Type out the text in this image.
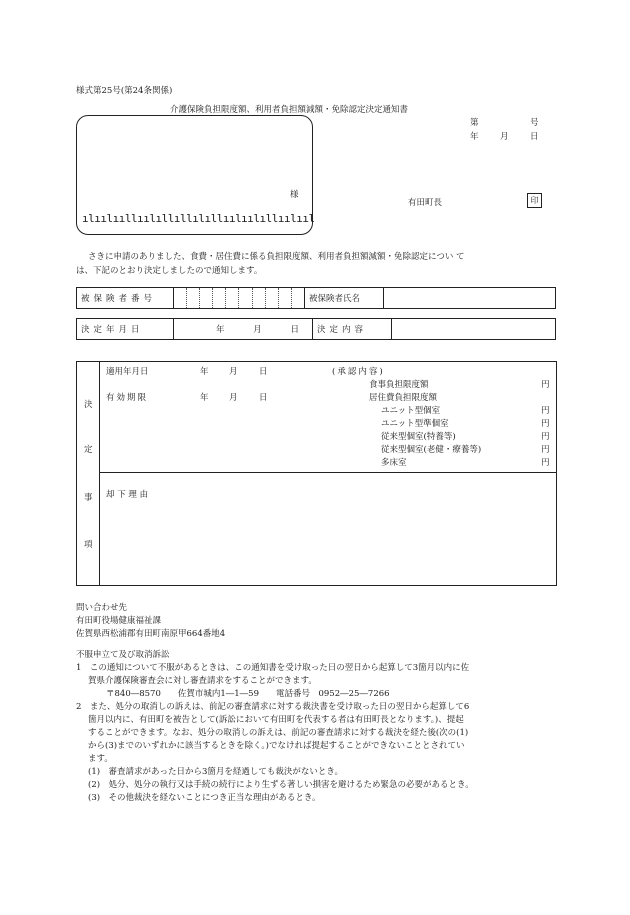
様式第25号(第24条関係)
介護保険負担限度額、利用者負担額減額・免除認定決定通知書
第	号
年	月	日
様
ılıılııllıılıllıllılıllıılıılıllıılııl
有田町長	印
さきに申請のありました、食費・居住費に係る負担限度額、利用者負担額減額・免除認定につい て
は、下記のとおり決定しましたので通知します。
被保険者番号		被保険者氏名	
決定年月日	年	月	日	決定内容	
決
定
事
項
適用年月日	年 月	日	(承認内容)
有効期限	年 月	日
食事負担限度額	円
居住費負担限度額
ユニット型個室	円
ユニット型準個室	円
従来型個室(特養等)	円
従来型個室(老健・療養等)	円
多床室	円
却 下 理 由
問い合わせ先
有田町役場健康福祉課
佐賀県西松浦郡有田町南原甲664番地4
不服申立て及び取消訴訟
1　この通知について不服があるときは、この通知書を受け取った日の翌日から起算して3箇月以内に佐
賀県介護保険審査会に対し審査請求をすることができます。
〒840―8570　　佐賀市城内1―1―59　　電話番号　0952―25―7266
2　また、処分の取消しの訴えは、前記の審査請求に対する裁決書を受け取った日の翌日から起算して6
箇月以内に、有田町を被告として(訴訟において有田町を代表する者は有田町長となります。)、提起
することができます。なお、処分の取消しの訴えは、前記の審査請求に対する裁決を経た後(次の(1)
から(3)までのいずれかに該当するときを除く。)でなければ提起することができないこととされてい
ます。
(1)　審査請求があった日から3箇月を経過しても裁決がないとき。
(2)　処分、処分の執行又は手続の続行により生ずる著しい損害を避けるため緊急の必要があるとき。
(3)　その他裁決を経ないことにつき正当な理由があるとき。
